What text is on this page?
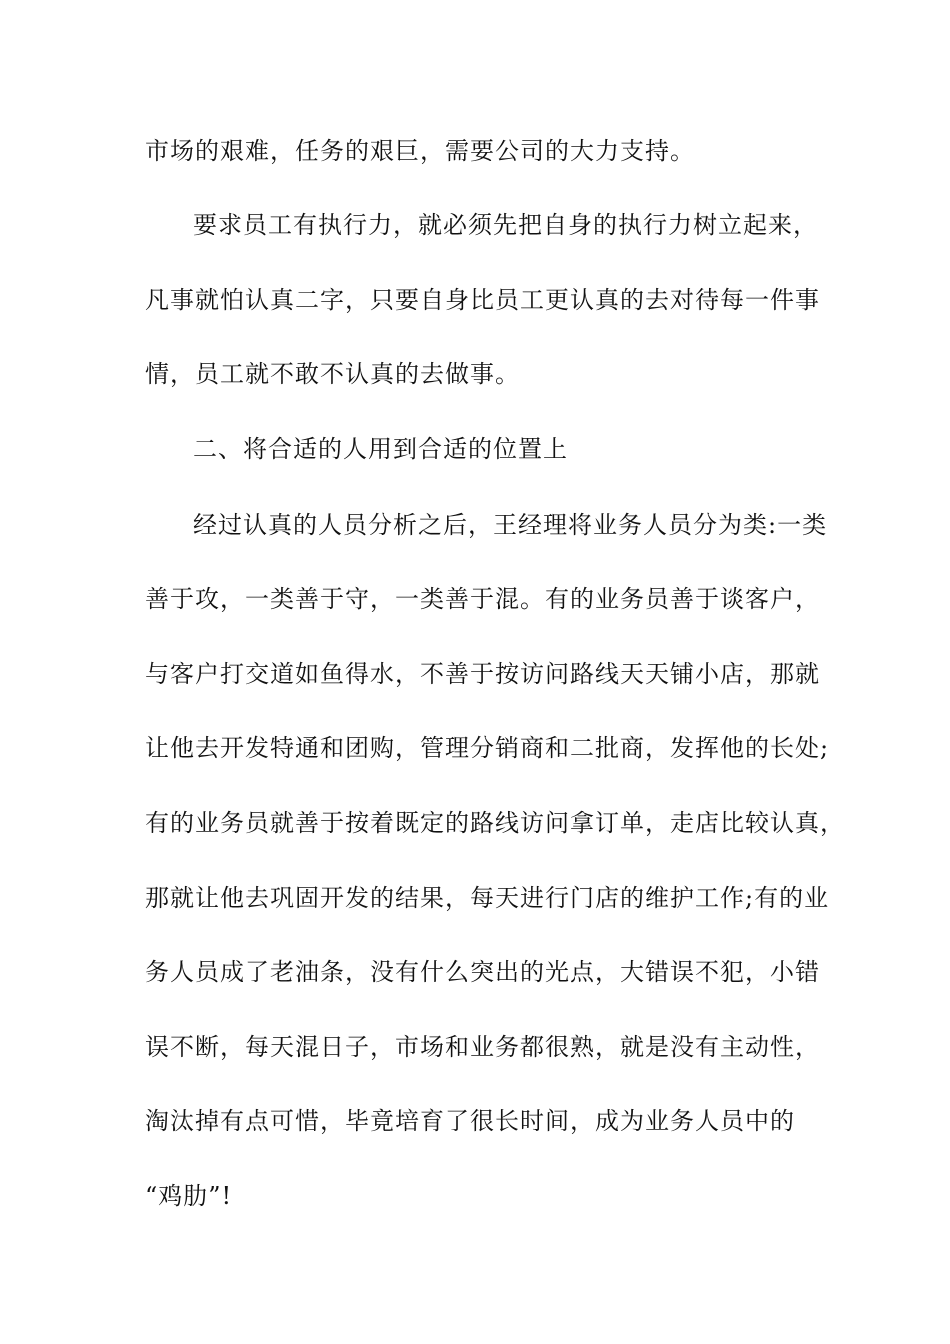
市场的艰难，任务的艰巨，需要公司的大力支持。
要求员工有执行力，就必须先把自身的执行力树立起来，
凡事就怕认真二字，只要自身比员工更认真的去对待每一件事
情，员工就不敢不认真的去做事。
二、将合适的人用到合适的位置上
经过认真的人员分析之后，王经理将业务人员分为类:一类
善于攻，一类善于守，一类善于混。有的业务员善于谈客户，
与客户打交道如鱼得水，不善于按访问路线天天铺小店，那就
让他去开发特通和团购，管理分销商和二批商，发挥他的长处;
有的业务员就善于按着既定的路线访问拿订单，走店比较认真，
那就让他去巩固开发的结果，每天进行门店的维护工作;有的业
务人员成了老油条，没有什么突出的光点，大错误不犯，小错
误不断，每天混日子，市场和业务都很熟，就是没有主动性，
淘汰掉有点可惜，毕竟培育了很长时间，成为业务人员中的
“鸡肋”!
